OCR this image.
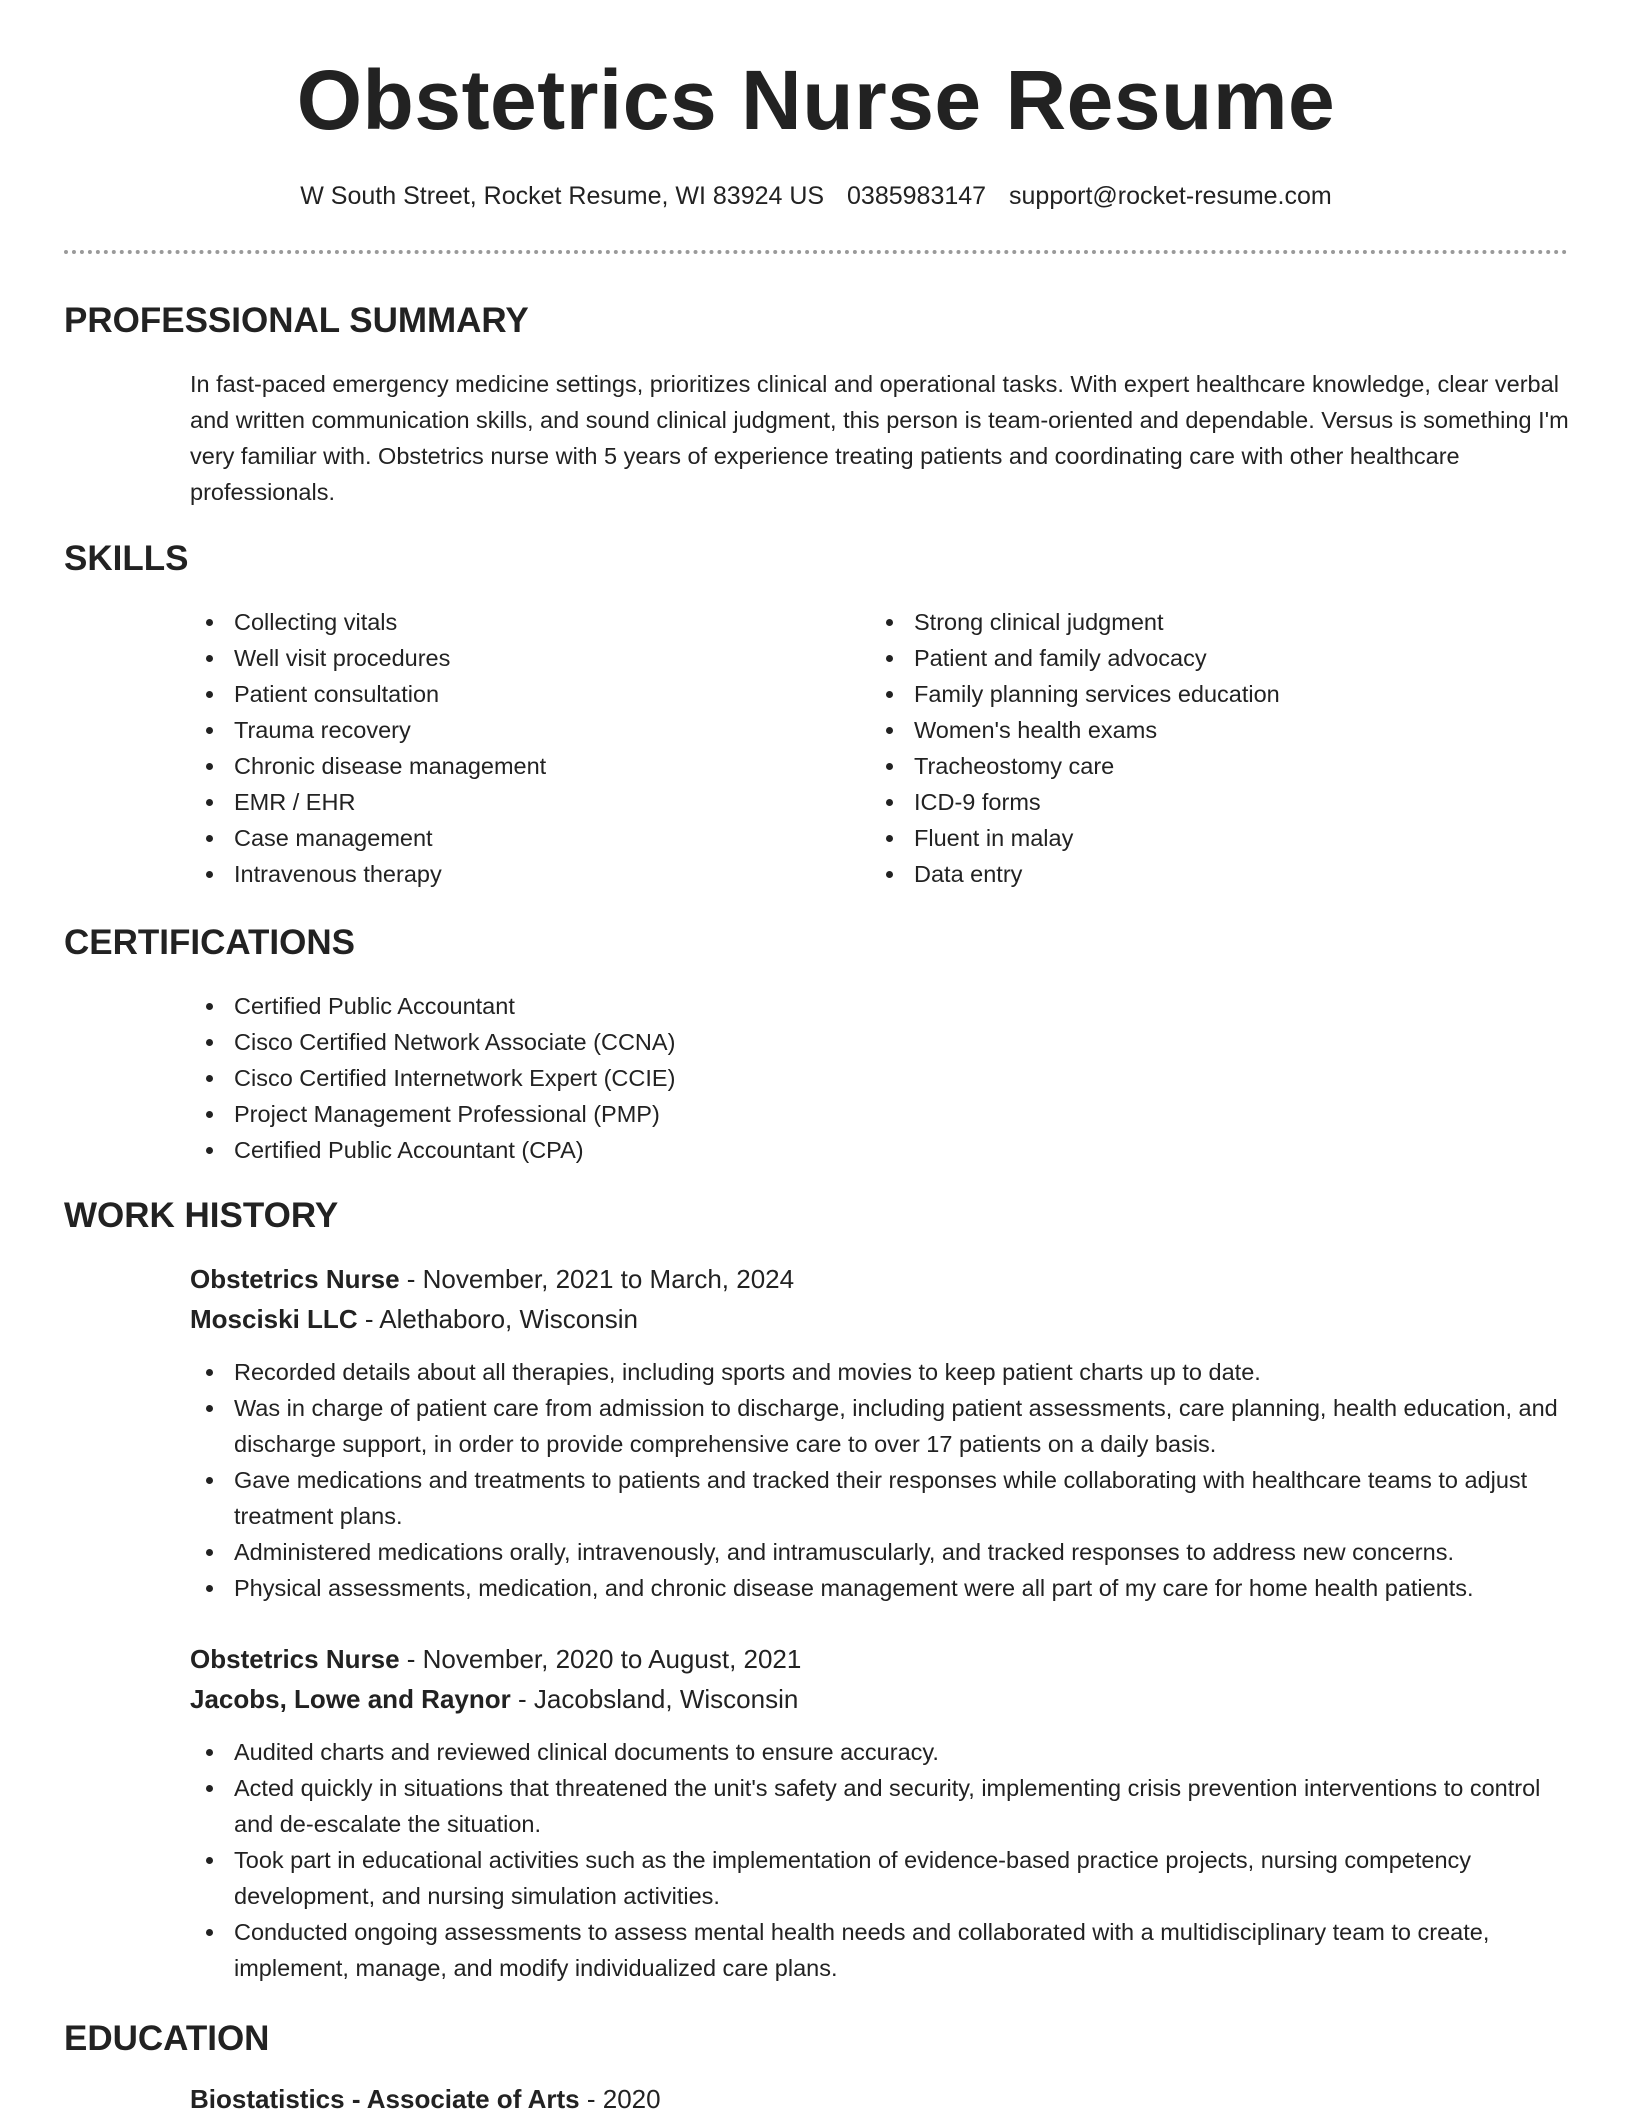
Obstetrics Nurse Resume
W South Street, Rocket Resume, WI 83924 US 0385983147 support@rocket-resume.com
PROFESSIONAL SUMMARY

In fast-paced emergency medicine settings, prioritizes clinical and operational tasks. With expert healthcare knowledge, clear verbal and written communication skills, and sound clinical judgment, this person is team-oriented and dependable. Versus is something I'm very familiar with. Obstetrics nurse with 5 years of experience treating patients and coordinating care with other healthcare professionals.

SKILLS
Collecting vitals
Well visit procedures
Patient consultation
Trauma recovery
Chronic disease management
EMR / EHR
Case management
Intravenous therapy
Strong clinical judgment
Patient and family advocacy
Family planning services education
Women's health exams
Tracheostomy care
ICD-9 forms
Fluent in malay
Data entry
CERTIFICATIONS
Certified Public Accountant
Cisco Certified Network Associate (CCNA)
Cisco Certified Internetwork Expert (CCIE)
Project Management Professional (PMP)
Certified Public Accountant (CPA)
WORK HISTORY
Obstetrics Nurse - November, 2021 to March, 2024
Mosciski LLC - Alethaboro, Wisconsin
Recorded details about all therapies, including sports and movies to keep patient charts up to date.
Was in charge of patient care from admission to discharge, including patient assessments, care planning, health education, and discharge support, in order to provide comprehensive care to over 17 patients on a daily basis.
Gave medications and treatments to patients and tracked their responses while collaborating with healthcare teams to adjust treatment plans.
Administered medications orally, intravenously, and intramuscularly, and tracked responses to address new concerns.
Physical assessments, medication, and chronic disease management were all part of my care for home health patients.
Obstetrics Nurse - November, 2020 to August, 2021
Jacobs, Lowe and Raynor - Jacobsland, Wisconsin
Audited charts and reviewed clinical documents to ensure accuracy.
Acted quickly in situations that threatened the unit's safety and security, implementing crisis prevention interventions to control and de-escalate the situation.
Took part in educational activities such as the implementation of evidence-based practice projects, nursing competency development, and nursing simulation activities.
Conducted ongoing assessments to assess mental health needs and collaborated with a multidisciplinary team to create, implement, manage, and modify individualized care plans.
EDUCATION
Biostatistics - Associate of Arts - 2020
